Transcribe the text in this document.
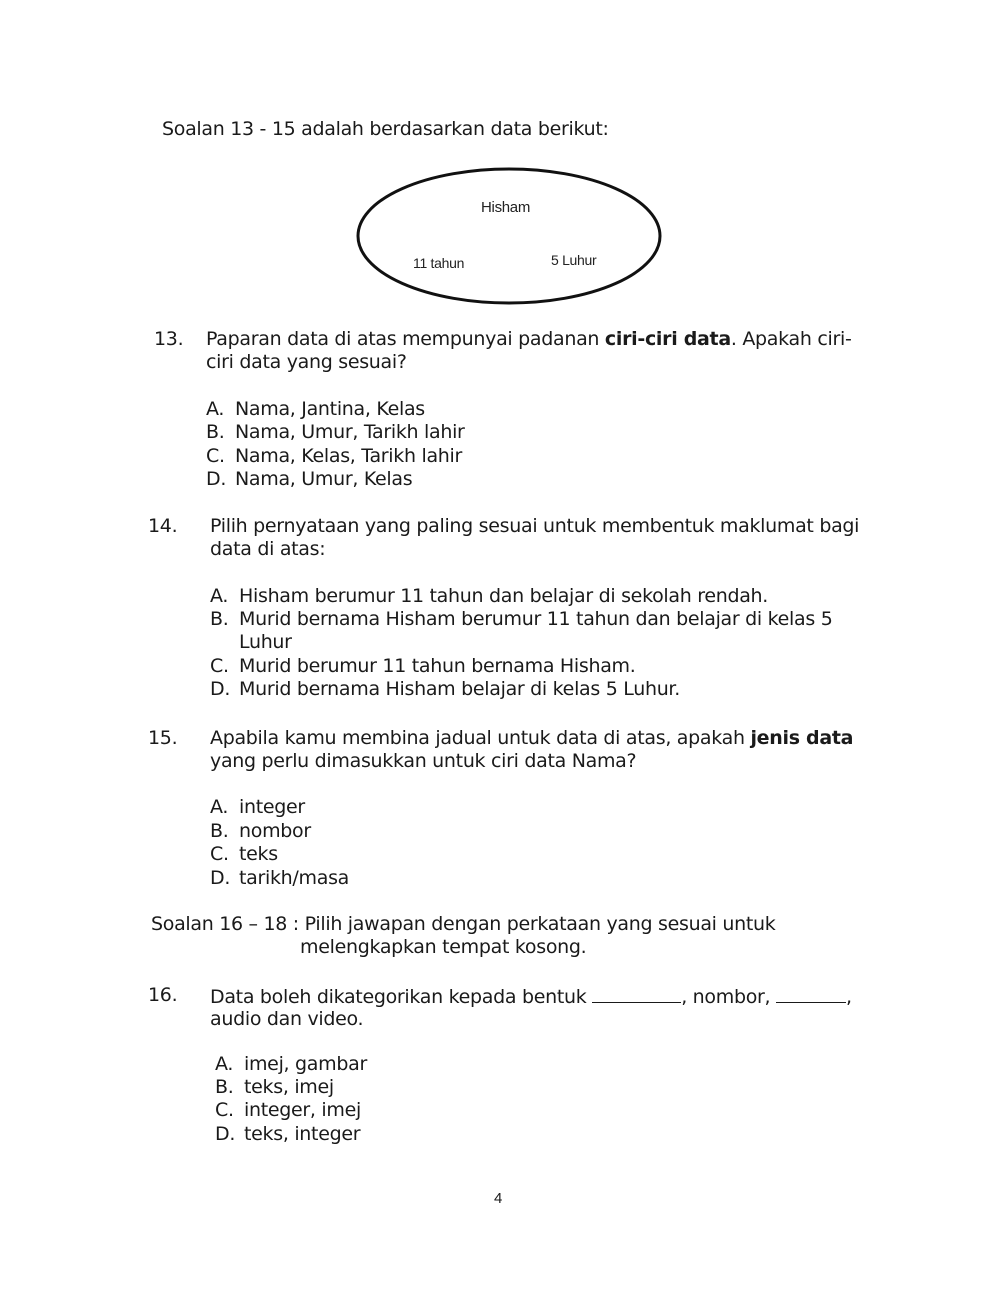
Soalan 13 - 15 adalah berdasarkan data berikut:
Hisham
11 tahun	5 Luhur
13. Paparan data di atas mempunyai padanan ciri-ciri data. Apakah ciri-
ciri data yang sesuai?
A. Nama, Jantina, Kelas
B. Nama, Umur, Tarikh lahir
C. Nama, Kelas, Tarikh lahir
D. Nama, Umur, Kelas
14. Pilih pernyataan yang paling sesuai untuk membentuk maklumat bagi
data di atas:
A. Hisham berumur 11 tahun dan belajar di sekolah rendah.
B. Murid bernama Hisham berumur 11 tahun dan belajar di kelas 5
Luhur
C. Murid berumur 11 tahun bernama Hisham.
D. Murid bernama Hisham belajar di kelas 5 Luhur.
15. Apabila kamu membina jadual untuk data di atas, apakah jenis data
yang perlu dimasukkan untuk ciri data Nama?
A. integer
B. nombor
C. teks
D. tarikh/masa
Soalan 16 – 18 : Pilih jawapan dengan perkataan yang sesuai untuk
melengkapkan tempat kosong.
16. Data boleh dikategorikan kepada bentuk	, nombor,	,
audio dan video.
A. imej, gambar
B. teks, imej
C. integer, imej
D. teks, integer
4
